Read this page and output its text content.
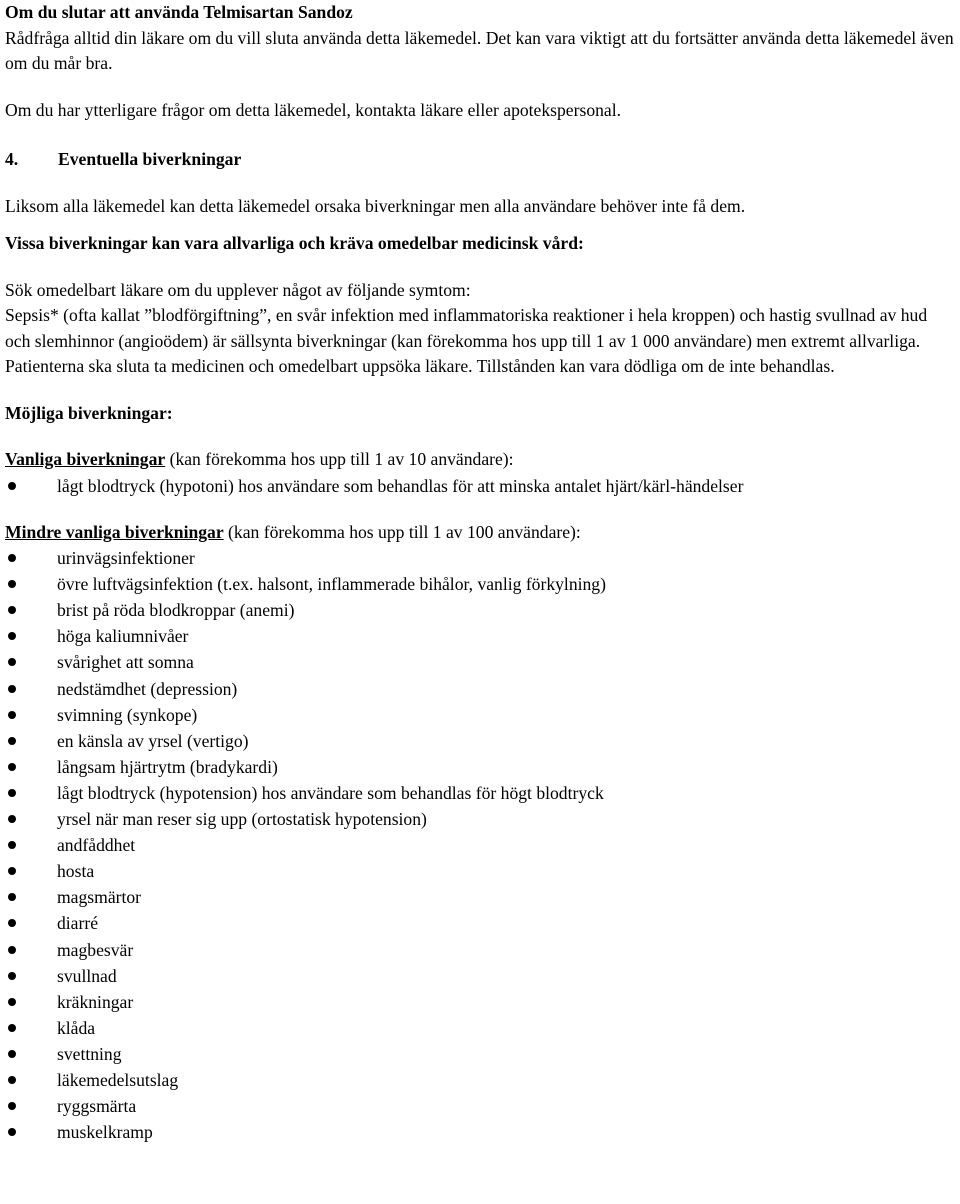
Om du slutar att använda Telmisartan Sandoz

Rådfråga alltid din läkare om du vill sluta använda detta läkemedel. Det kan vara viktigt att du fortsätter använda detta läkemedel även om du mår bra.

Om du har ytterligare frågor om detta läkemedel, kontakta läkare eller apotekspersonal.

4. Eventuella biverkningar

Liksom alla läkemedel kan detta läkemedel orsaka biverkningar men alla användare behöver inte få dem.

Vissa biverkningar kan vara allvarliga och kräva omedelbar medicinsk vård:

Sök omedelbart läkare om du upplever något av följande symtom:

Sepsis* (ofta kallat ”blodförgiftning”, en svår infektion med inflammatoriska reaktioner i hela kroppen) och hastig svullnad av hud och slemhinnor (angioödem) är sällsynta biverkningar (kan förekomma hos upp till 1 av 1 000 användare) men extremt allvarliga. Patienterna ska sluta ta medicinen och omedelbart uppsöka läkare. Tillstånden kan vara dödliga om de inte behandlas.

Möjliga biverkningar:

Vanliga biverkningar (kan förekomma hos upp till 1 av 10 användare):

lågt blodtryck (hypotoni) hos användare som behandlas för att minska antalet hjärt/kärl-händelser

Mindre vanliga biverkningar (kan förekomma hos upp till 1 av 100 användare):

urinvägsinfektioner
övre luftvägsinfektion (t.ex. halsont, inflammerade bihålor, vanlig förkylning)
brist på röda blodkroppar (anemi)
höga kaliumnivåer
svårighet att somna
nedstämdhet (depression)
svimning (synkope)
en känsla av yrsel (vertigo)
långsam hjärtrytm (bradykardi)
lågt blodtryck (hypotension) hos användare som behandlas för högt blodtryck
yrsel när man reser sig upp (ortostatisk hypotension)
andfåddhet
hosta
magsmärtor
diarré
magbesvär
svullnad
kräkningar
klåda
svettning
läkemedelsutslag
ryggsmärta
muskelkramp
